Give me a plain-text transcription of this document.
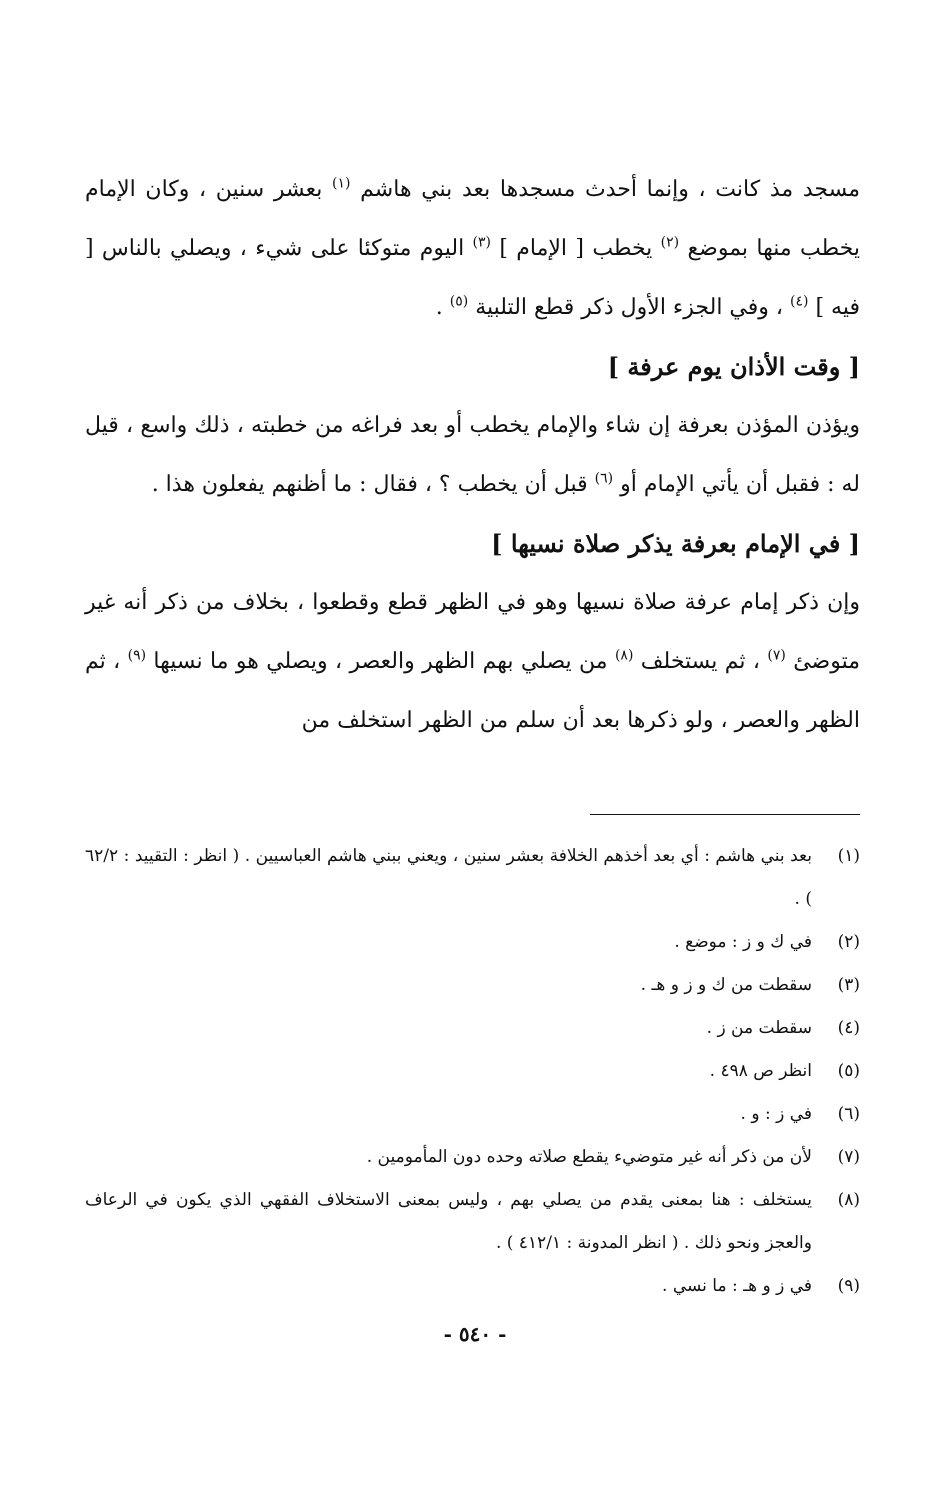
مسجد مذ كانت ، وإنما أحدث مسجدها بعد بني هاشم $^{(١)}$ بعشر سنين ، وكان الإمام يخطب منها بموضع $^{(٢)}$ يخطب [ الإمام ] $^{(٣)}$ اليوم متوكئا على شيء ، ويصلي بالناس [ فيه ] $^{(٤)}$ ، وفي الجزء الأول ذكر قطع التلبية $^{(٥)}$ .

[ وقت الأذان يوم عرفة ]

ويؤذن المؤذن بعرفة إن شاء والإمام يخطب أو بعد فراغه من خطبته ، ذلك واسع ، قيل له : فقبل أن يأتي الإمام أو $^{(٦)}$ قبل أن يخطب ؟ ، فقال : ما أظنهم يفعلون هذا .

[ في الإمام بعرفة يذكر صلاة نسيها ]

وإن ذكر إمام عرفة صلاة نسيها وهو في الظهر قطع وقطعوا ، بخلاف من ذكر أنه غير متوضئ $^{(٧)}$ ، ثم يستخلف $^{(٨)}$ من يصلي بهم الظهر والعصر ، ويصلي هو ما نسيها $^{(٩)}$ ، ثم الظهر والعصر ، ولو ذكرها بعد أن سلم من الظهر استخلف من

(١)
بعد بني هاشم : أي بعد أخذهم الخلافة بعشر سنين ، ويعني ببني هاشم العباسيين . ( انظر : التقييد : ٦٢/٢ ) .
(٢)
في ك و ز : موضع .
(٣)
سقطت من ك و ز و هـ .
(٤)
سقطت من ز .
(٥)
انظر ص ٤٩٨ .
(٦)
في ز : و .
(٧)
لأن من ذكر أنه غير متوضيء يقطع صلاته وحده دون المأمومين .
(٨)
يستخلف : هنا بمعنى يقدم من يصلي بهم ، وليس بمعنى الاستخلاف الفقهي الذي يكون في الرعاف والعجز ونحو ذلك . ( انظر المدونة : ٤١٢/١ ) .
(٩)
في ز و هـ : ما نسي .
- ٥٤٠ -
